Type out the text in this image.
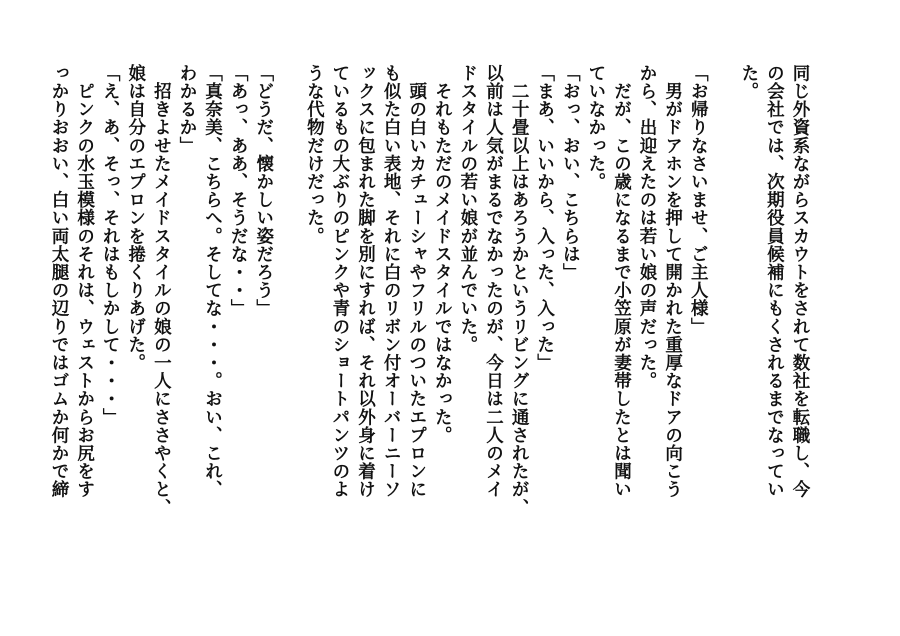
同じ外資系ながらスカウトをされて数社を転職し、今
の会社では、次期役員候補にもくされるまでなってい
た。
「お帰りなさいませ、ご主人様」
　男がドアホンを押して開かれた重厚なドアの向こう
から、出迎えたのは若い娘の声だった。
　だが、この歳になるまで小笠原が妻帯したとは聞い
ていなかった。
「おっ、おい、こちらは」
「まあ、いいから、入った、入った」
　二十畳以上はあろうかというリビングに通されたが、
以前は人気がまるでなかったのが、今日は二人のメイ
ドスタイルの若い娘が並んでいた。
　それもただのメイドスタイルではなかった。
　頭の白いカチューシャやフリルのついたエプロンに
も似た白い表地、それに白のリボン付オーバーニーソ
ックスに包まれた脚を別にすれば、それ以外身に着け
ているもの大ぶりのピンクや青のショートパンツのよ
うな代物だけだった。
「どうだ、懐かしい姿だろう」
「あっ、ああ、そうだな・・」
「真奈美、こちらへ。そしてな・・・。おい、これ、
わかるか」
　招きよせたメイドスタイルの娘の一人にささやくと、
娘は自分のエプロンを捲くりあげた。
「え、あ、そっ、それはもしかして・・・」
　ピンクの水玉模様のそれは、ウェストからお尻をす
っかりおおい、白い両太腿の辺りではゴムか何かで締
